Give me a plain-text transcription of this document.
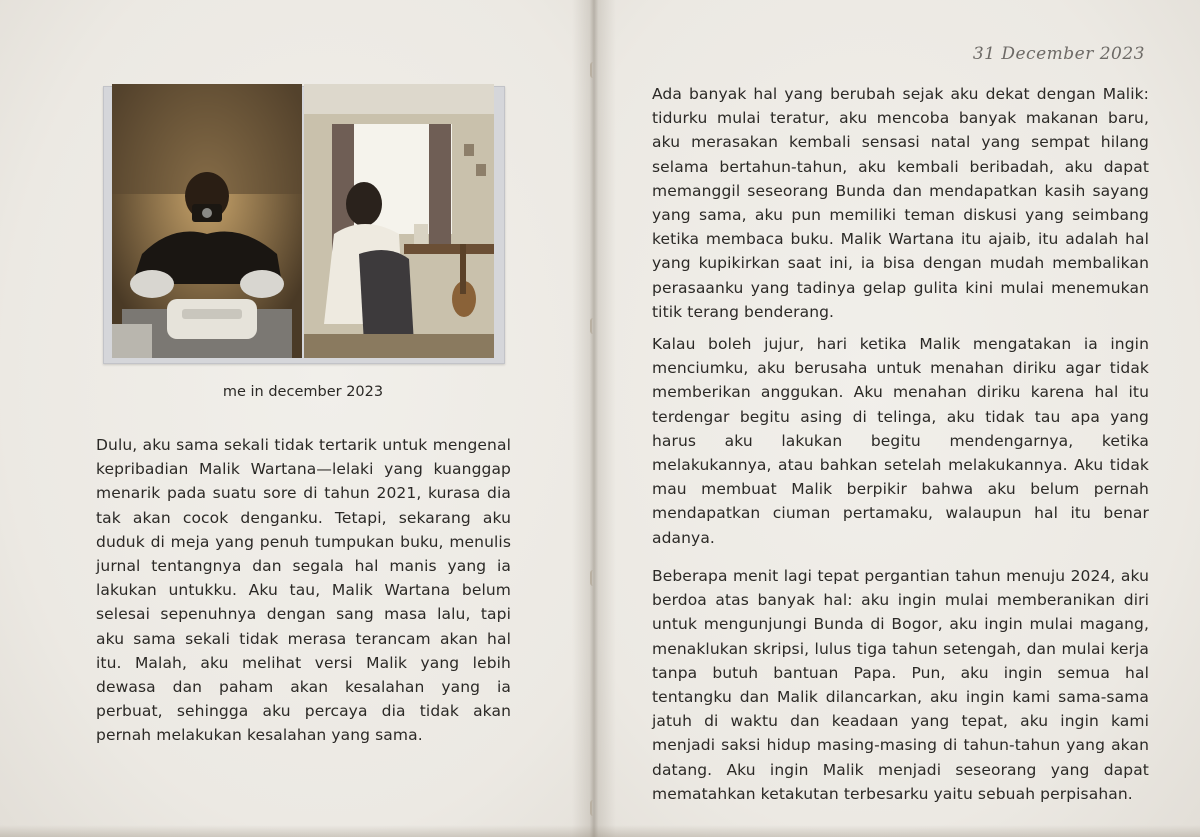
me in december 2023

Dulu, aku sama sekali tidak tertarik untuk mengenal kepribadian Malik Wartana—lelaki yang kuanggap menarik pada suatu sore di tahun 2021, kurasa dia tak akan cocok denganku. Tetapi, sekarang aku duduk di meja yang penuh tumpukan buku, menulis jurnal tentangnya dan segala hal manis yang ia lakukan untukku. Aku tau, Malik Wartana belum selesai sepenuhnya dengan sang masa lalu, tapi aku sama sekali tidak merasa terancam akan hal itu. Malah, aku melihat versi Malik yang lebih dewasa dan paham akan kesalahan yang ia perbuat, sehingga aku percaya dia tidak akan pernah melakukan kesalahan yang sama.

31 December 2023

Ada banyak hal yang berubah sejak aku dekat dengan Malik: tidurku mulai teratur, aku mencoba banyak makanan baru, aku merasakan kembali sensasi natal yang sempat hilang selama bertahun-tahun, aku kembali beribadah, aku dapat memanggil seseorang Bunda dan mendapatkan kasih sayang yang sama, aku pun memiliki teman diskusi yang seimbang ketika membaca buku. Malik Wartana itu ajaib, itu adalah hal yang kupikirkan saat ini, ia bisa dengan mudah membalikan perasaanku yang tadinya gelap gulita kini mulai menemukan titik terang benderang.

Kalau boleh jujur, hari ketika Malik mengatakan ia ingin menciumku, aku berusaha untuk menahan diriku agar tidak memberikan anggukan. Aku menahan diriku karena hal itu terdengar begitu asing di telinga, aku tidak tau apa yang harus aku lakukan begitu mendengarnya, ketika melakukannya, atau bahkan setelah melakukannya. Aku tidak mau membuat Malik berpikir bahwa aku belum pernah mendapatkan ciuman pertamaku, walaupun hal itu benar adanya.

Beberapa menit lagi tepat pergantian tahun menuju 2024, aku berdoa atas banyak hal: aku ingin mulai memberanikan diri untuk mengunjungi Bunda di Bogor, aku ingin mulai magang, menaklukan skripsi, lulus tiga tahun setengah, dan mulai kerja tanpa butuh bantuan Papa. Pun, aku ingin semua hal tentangku dan Malik dilancarkan, aku ingin kami sama-sama jatuh di waktu dan keadaan yang tepat, aku ingin kami menjadi saksi hidup masing-masing di tahun-tahun yang akan datang. Aku ingin Malik menjadi seseorang yang dapat mematahkan ketakutan terbesarku yaitu sebuah perpisahan.
